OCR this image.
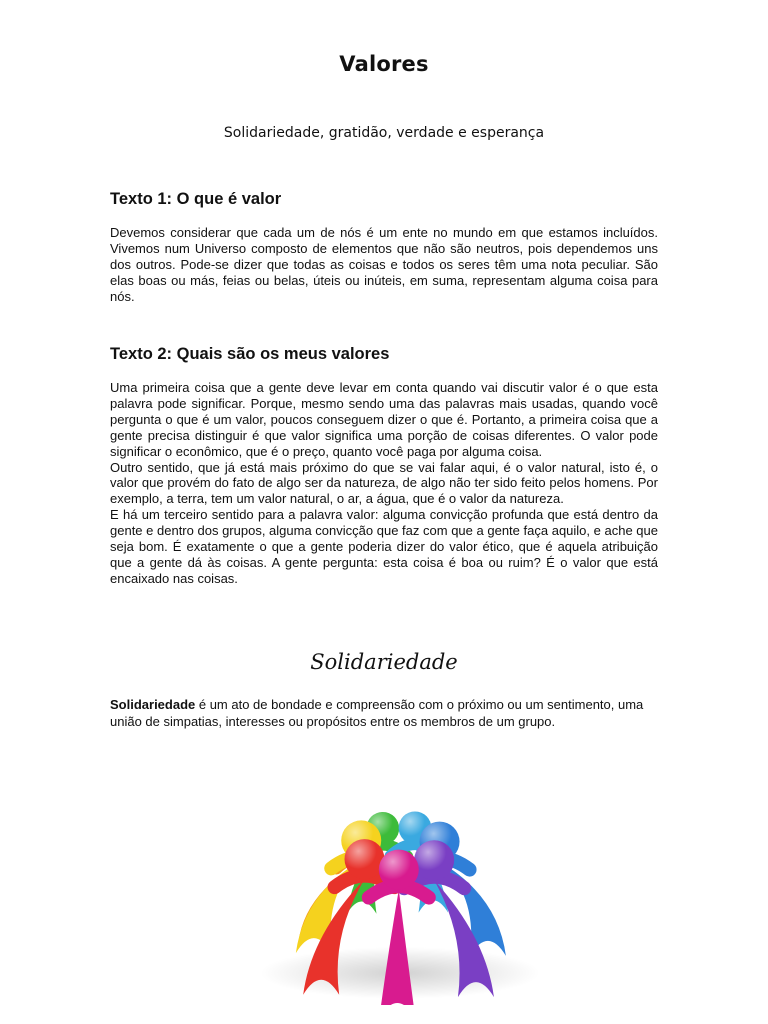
Valores
Solidariedade, gratidão, verdade e esperança
Texto 1: O que é valor

Devemos considerar que cada um de nós é um ente no mundo em que estamos incluídos. Vivemos num Universo composto de elementos que não são neutros, pois dependemos uns dos outros. Pode-se dizer que todas as coisas e todos os seres têm uma nota peculiar. São elas boas ou más, feias ou belas, úteis ou inúteis, em suma, representam alguma coisa para nós.

Texto 2: Quais são os meus valores
Uma primeira coisa que a gente deve levar em conta quando vai discutir valor é o que esta palavra pode significar. Porque, mesmo sendo uma das palavras mais usadas, quando você pergunta o que é um valor, poucos conseguem dizer o que é. Portanto, a primeira coisa que a gente precisa distinguir é que valor significa uma porção de coisas diferentes. O valor pode significar o econômico, que é o preço, quanto você paga por alguma coisa.
Outro sentido, que já está mais próximo do que se vai falar aqui, é o valor natural, isto é, o valor que provém do fato de algo ser da natureza, de algo não ter sido feito pelos homens. Por exemplo, a terra, tem um valor natural, o ar, a água, que é o valor da natureza.
E há um terceiro sentido para a palavra valor: alguma convicção profunda que está dentro da gente e dentro dos grupos, alguma convicção que faz com que a gente faça aquilo, e ache que seja bom. É exatamente o que a gente poderia dizer do valor ético, que é aquela atribuição que a gente dá às coisas. A gente pergunta: esta coisa é boa ou ruim? É o valor que está encaixado nas coisas.
Solidariedade

Solidariedade é um ato de bondade e compreensão com o próximo ou um sentimento, uma união de simpatias, interesses ou propósitos entre os membros de um grupo.
